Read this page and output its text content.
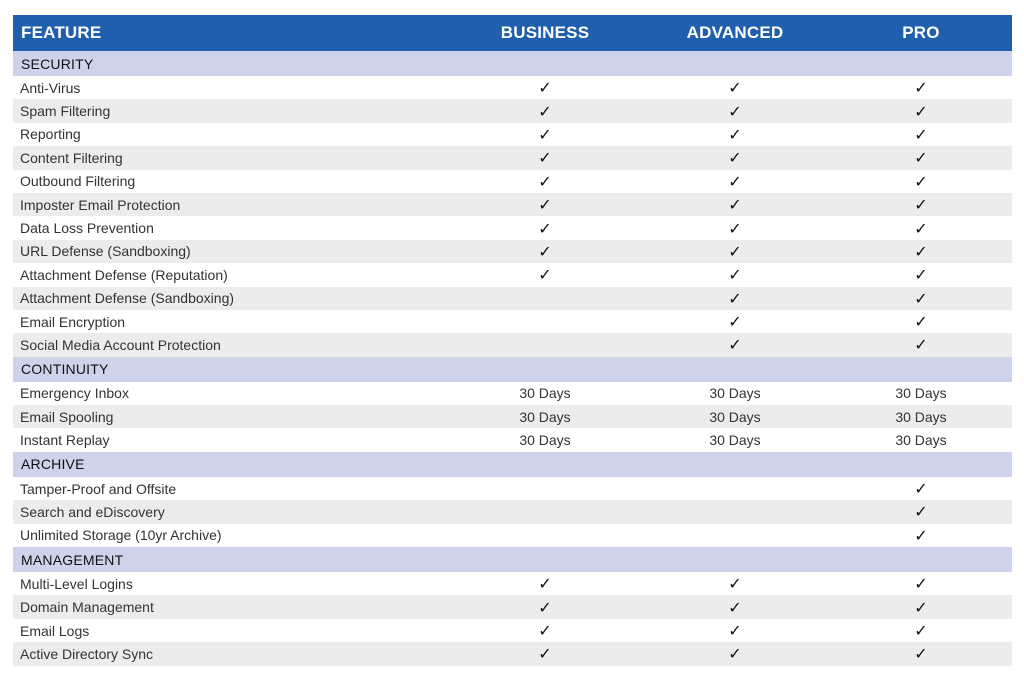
FEATURE	BUSINESS	ADVANCED	PRO
SECURITY			
Anti-Virus	✓	✓	✓
Spam Filtering	✓	✓	✓
Reporting	✓	✓	✓
Content Filtering	✓	✓	✓
Outbound Filtering	✓	✓	✓
Imposter Email Protection	✓	✓	✓
Data Loss Prevention	✓	✓	✓
URL Defense (Sandboxing)	✓	✓	✓
Attachment Defense (Reputation)	✓	✓	✓
Attachment Defense (Sandboxing)		✓	✓
Email Encryption		✓	✓
Social Media Account Protection		✓	✓
CONTINUITY			
Emergency Inbox	30 Days	30 Days	30 Days
Email Spooling	30 Days	30 Days	30 Days
Instant Replay	30 Days	30 Days	30 Days
ARCHIVE			
Tamper-Proof and Offsite			✓
Search and eDiscovery			✓
Unlimited Storage (10yr Archive)			✓
MANAGEMENT			
Multi-Level Logins	✓	✓	✓
Domain Management	✓	✓	✓
Email Logs	✓	✓	✓
Active Directory Sync	✓	✓	✓
